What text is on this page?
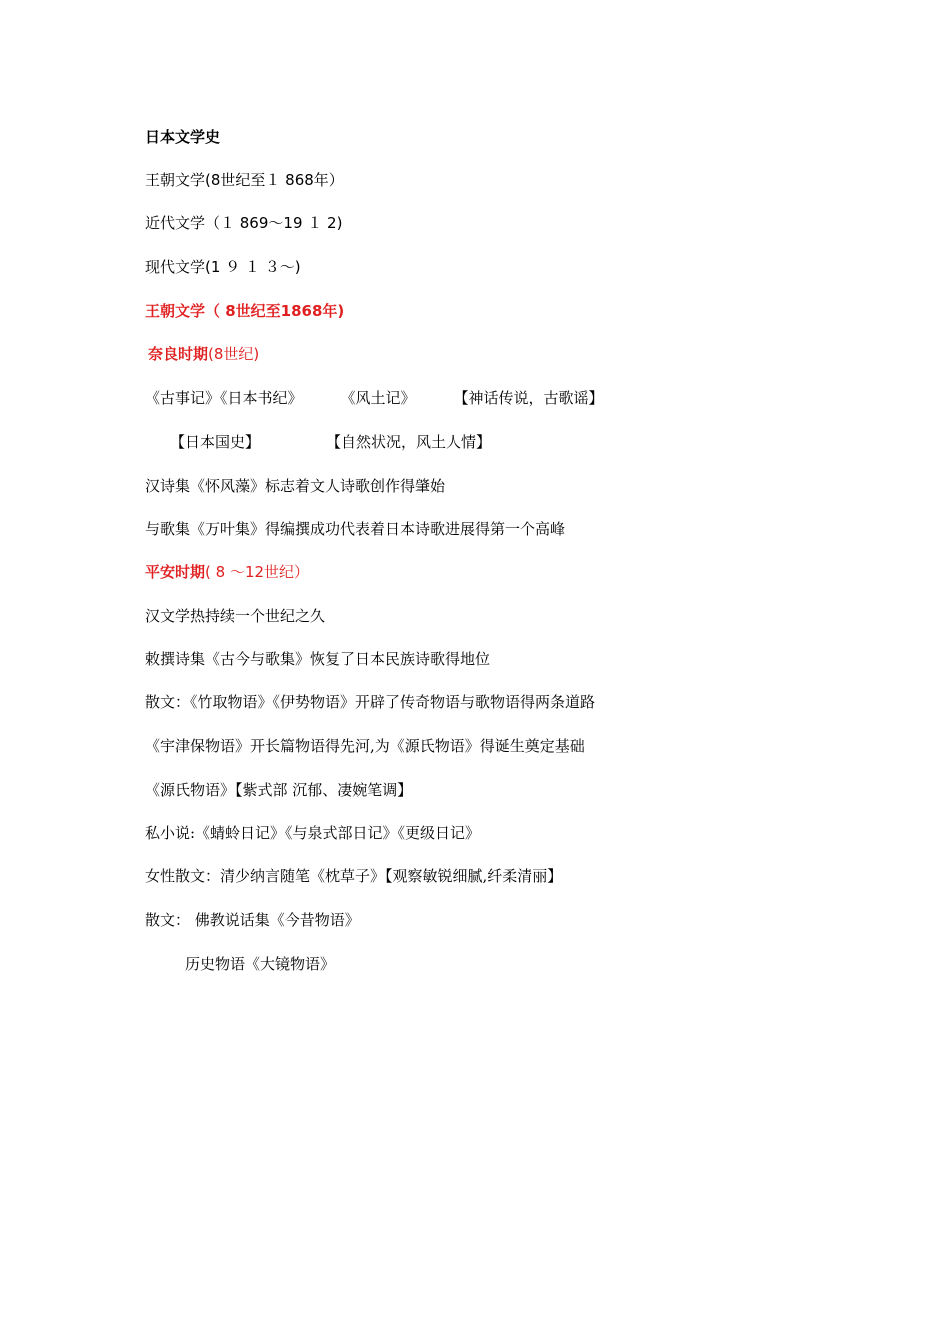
日本文学史
王朝文学(8世纪至１ 868年）
近代文学（１ 869～19 １ 2)
现代文学(1 ９ １ ３～)
王朝文学（ 8世纪至1868年)
奈良时期(8世纪)
《古事记》《日本书纪》	《风土记》	【神话传说，古歌谣】
【日本国史】	【自然状况，风土人情】
汉诗集《怀风藻》标志着文人诗歌创作得肇始
与歌集《万叶集》得编撰成功代表着日本诗歌进展得第一个高峰
平安时期( 8 ～12世纪）
汉文学热持续一个世纪之久
敕撰诗集《古今与歌集》恢复了日本民族诗歌得地位
散文：《竹取物语》《伊势物语》开辟了传奇物语与歌物语得两条道路
《宇津保物语》开长篇物语得先河,为《源氏物语》得诞生奠定基础
《源氏物语》【紫式部 沉郁、凄婉笔调】
私小说:《蜻蛉日记》《与泉式部日记》《更级日记》
女性散文：清少纳言随笔《枕草子》【观察敏锐细腻,纤柔清丽】
散文： 佛教说话集《今昔物语》
历史物语《大镜物语》
